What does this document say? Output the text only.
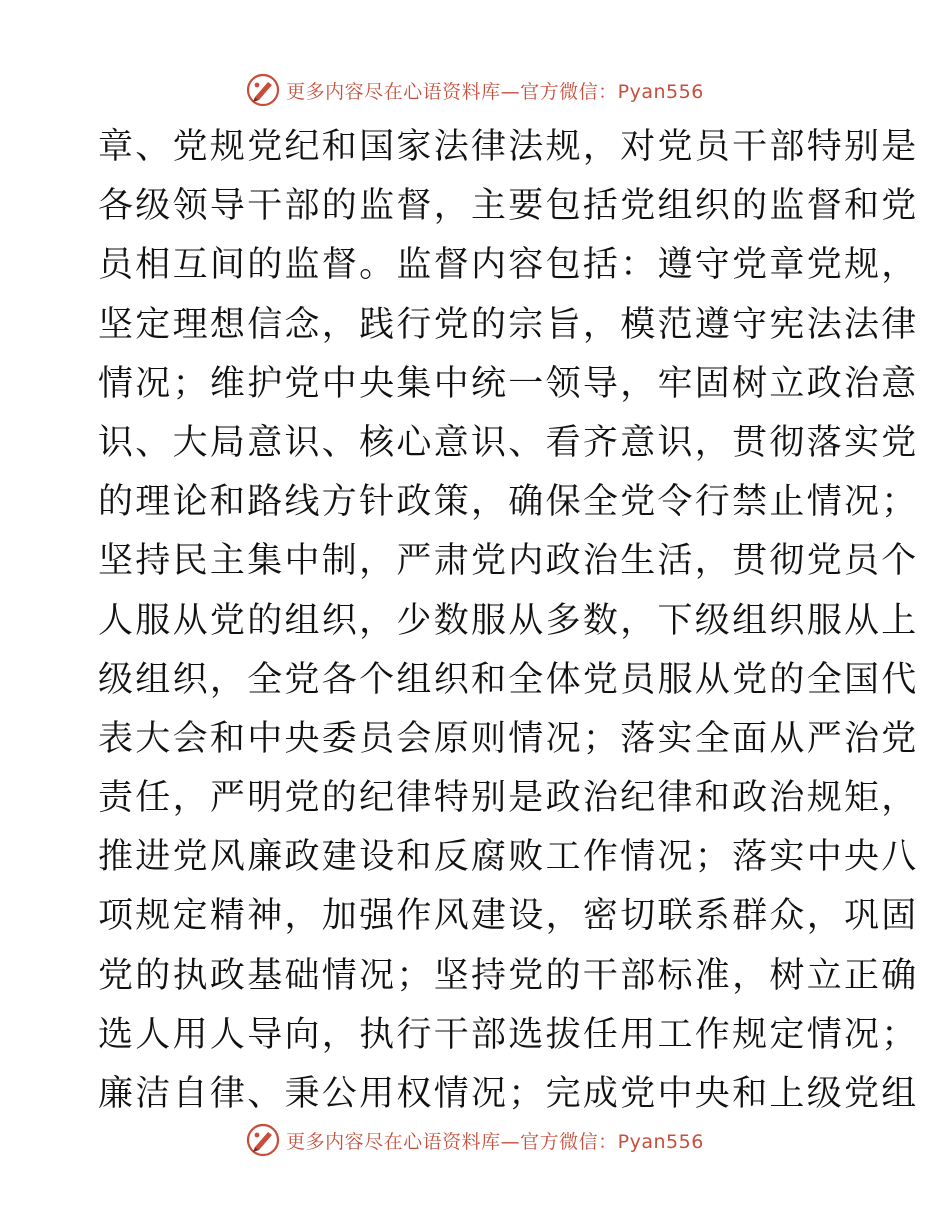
更多内容尽在心语资料库—官方微信：Pyan556
章、党规党纪和国家法律法规，对党员干部特别是
各级领导干部的监督，主要包括党组织的监督和党
员相互间的监督。监督内容包括：遵守党章党规，
坚定理想信念，践行党的宗旨，模范遵守宪法法律
情况；维护党中央集中统一领导，牢固树立政治意
识、大局意识、核心意识、看齐意识，贯彻落实党
的理论和路线方针政策，确保全党令行禁止情况；
坚持民主集中制，严肃党内政治生活，贯彻党员个
人服从党的组织，少数服从多数，下级组织服从上
级组织，全党各个组织和全体党员服从党的全国代
表大会和中央委员会原则情况；落实全面从严治党
责任，严明党的纪律特别是政治纪律和政治规矩，
推进党风廉政建设和反腐败工作情况；落实中央八
项规定精神，加强作风建设，密切联系群众，巩固
党的执政基础情况；坚持党的干部标准，树立正确
选人用人导向，执行干部选拔任用工作规定情况；
廉洁自律、秉公用权情况；完成党中央和上级党组
更多内容尽在心语资料库—官方微信：Pyan556
